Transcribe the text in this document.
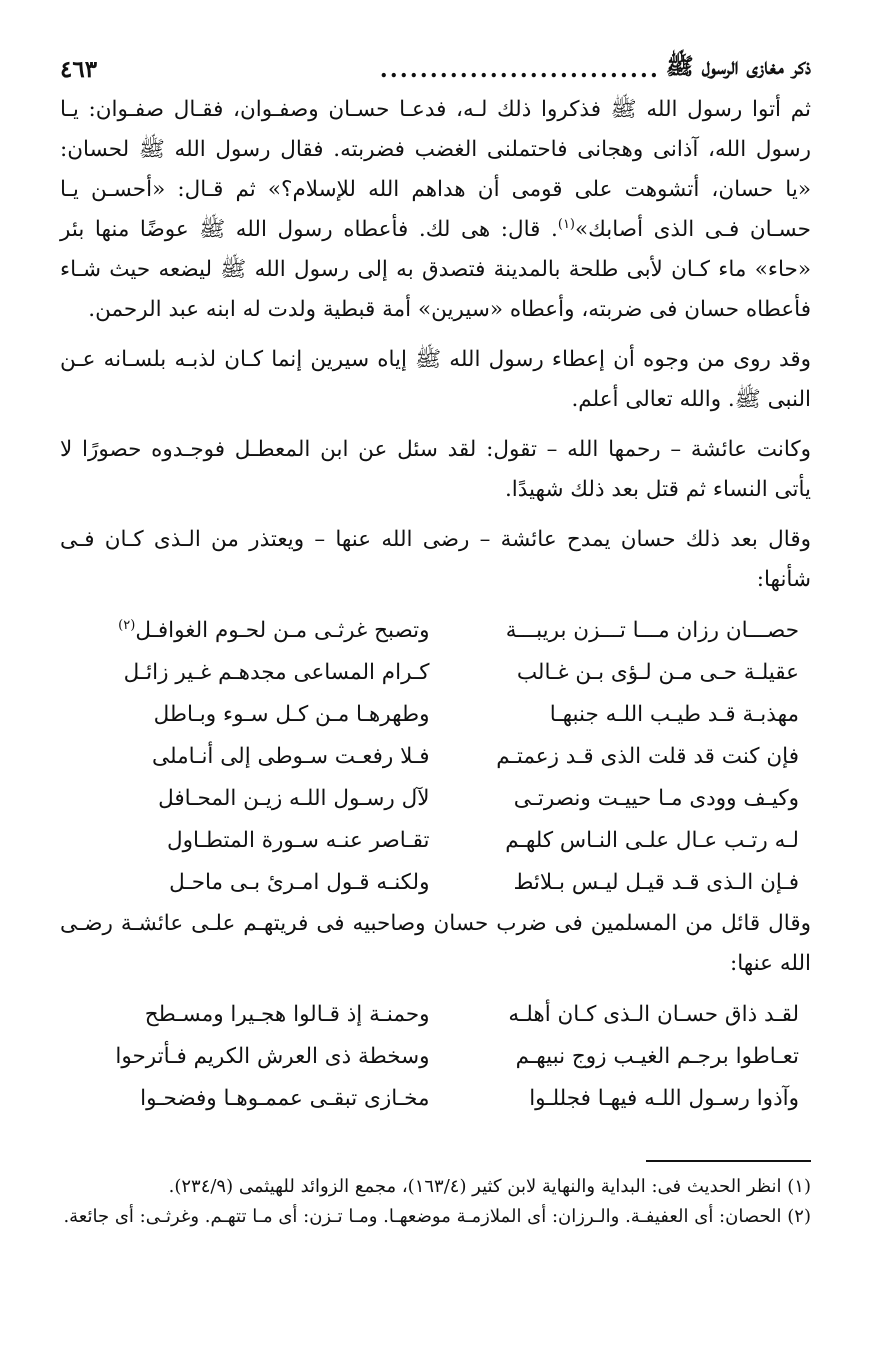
ذكر مغازى الرسول ﷺ
............................
٤٦٣

ثم أتوا رسول الله ﷺ فذكروا ذلك لـه، فدعـا حسـان وصفـوان، فقـال صفـوان: يـا رسول الله، آذانى وهجانى فاحتملنى الغضب فضربته. فقال رسول الله ﷺ لحسان: «يا حسان، أتشوهت على قومى أن هداهم الله للإسلام؟» ثم قـال: «أحسـن يـا حسـان فـى الذى أصابك»$^{(١)}$. قال: هى لك. فأعطاه رسول الله ﷺ عوضًا منها بئر «حاء» ماء كـان لأبى طلحة بالمدينة فتصدق به إلى رسول الله ﷺ ليضعه حيث شـاء فأعطاه حسان فى ضربته، وأعطاه «سيرين» أمة قبطية ولدت له ابنه عبد الرحمن.

وقد روى من وجوه أن إعطاء رسول الله ﷺ إياه سيرين إنما كـان لذبـه بلسـانه عـن النبى ﷺ. والله تعالى أعلم.

وكانت عائشة – رحمها الله – تقول: لقد سئل عن ابن المعطـل فوجـدوه حصورًا لا يأتى النساء ثم قتل بعد ذلك شهيدًا.

وقال بعد ذلك حسان يمدح عائشة – رضى الله عنها – ويعتذر من الـذى كـان فـى شأنها:

حصـــان رزان مـــا تـــزن بريبـــة
وتصبح غرثـى مـن لحـوم الغوافـل$^{(٢)}$
عقيلـة حـى مـن لـؤى بـن غـالب
كـرام المساعى مجدهـم غـير زائـل
مهذبـة قـد طيـب اللـه جنبهـا
وطهرهـا مـن كـل سـوء وبـاطل
فإن كنت قد قلت الذى قـد زعمتـم
فـلا رفعـت سـوطى إلى أنـاملى
وكيـف وودى مـا حييـت ونصرتـى
لآل رسـول اللـه زيـن المحـافل
لـه رتـب عـال علـى النـاس كلهـم
تقـاصر عنـه سـورة المتطـاول
فـإن الـذى قـد قيـل ليـس بـلائط
ولكنـه قـول امـرئ بـى ماحـل

وقال قائل من المسلمين فى ضرب حسان وصاحبيه فى فريتهـم علـى عائشـة رضـى الله عنها:

لقـد ذاق حسـان الـذى كـان أهلـه
وحمنـة إذ قـالوا هجـيرا ومسـطح
تعـاطوا برجـم الغيـب زوج نبيهـم
وسخطة ذى العرش الكريم فـأترحوا
وآذوا رسـول اللـه فيهـا فجللـوا
مخـازى تبقـى عممـوهـا وفضحـوا

(١) انظر الحديث فى: البداية والنهاية لابن كثير (١٦٣/٤)، مجمع الزوائد للهيثمى (٢٣٤/٩).

(٢) الحصان: أى العفيفـة. والـرزان: أى الملازمـة موضعهـا. ومـا تـزن: أى مـا تتهـم. وغرثـى: أى جائعة.
